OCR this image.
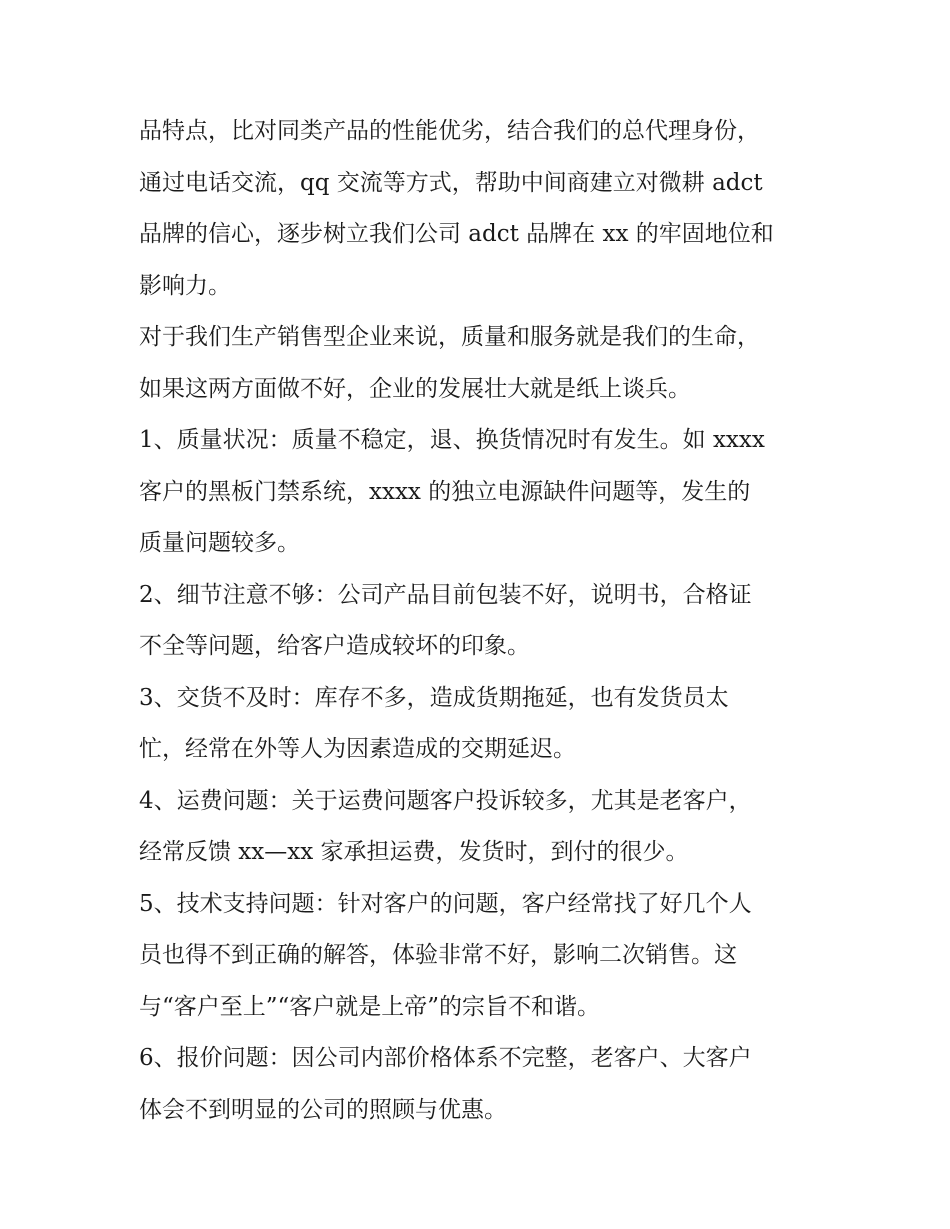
品特点，比对同类产品的性能优劣，结合我们的总代理身份，
通过电话交流，qq 交流等方式，帮助中间商建立对微耕 adct
品牌的信心，逐步树立我们公司 adct 品牌在 xx 的牢固地位和
影响力。

对于我们生产销售型企业来说，质量和服务就是我们的生命，
如果这两方面做不好，企业的发展壮大就是纸上谈兵。

1、质量状况：质量不稳定，退、换货情况时有发生。如 xxxx
客户的黑板门禁系统，xxxx 的独立电源缺件问题等，发生的
质量问题较多。

2、细节注意不够：公司产品目前包装不好，说明书，合格证
不全等问题，给客户造成较坏的印象。

3、交货不及时：库存不多，造成货期拖延，也有发货员太
忙，经常在外等人为因素造成的交期延迟。

4、运费问题：关于运费问题客户投诉较多，尤其是老客户，
经常反馈 xx—xx 家承担运费，发货时，到付的很少。

5、技术支持问题：针对客户的问题，客户经常找了好几个人
员也得不到正确的解答，体验非常不好，影响二次销售。这
与“客户至上”“客户就是上帝”的宗旨不和谐。

6、报价问题：因公司内部价格体系不完整，老客户、大客户
体会不到明显的公司的照顾与优惠。
